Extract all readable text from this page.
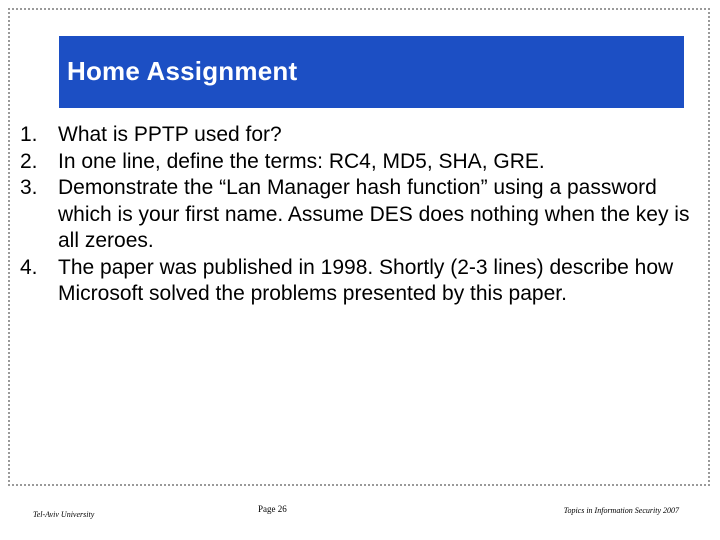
Home Assignment
1. What is PPTP used for?
2. In one line, define the terms: RC4, MD5, SHA, GRE.
3. Demonstrate the “Lan Manager hash function” using a password which is your first name. Assume DES does nothing when the key is all zeroes.
4. The paper was published in 1998. Shortly (2-3 lines) describe how Microsoft solved the problems presented by this paper.
Tel-Aviv University
Page 26	Topics in Information Security 2007
